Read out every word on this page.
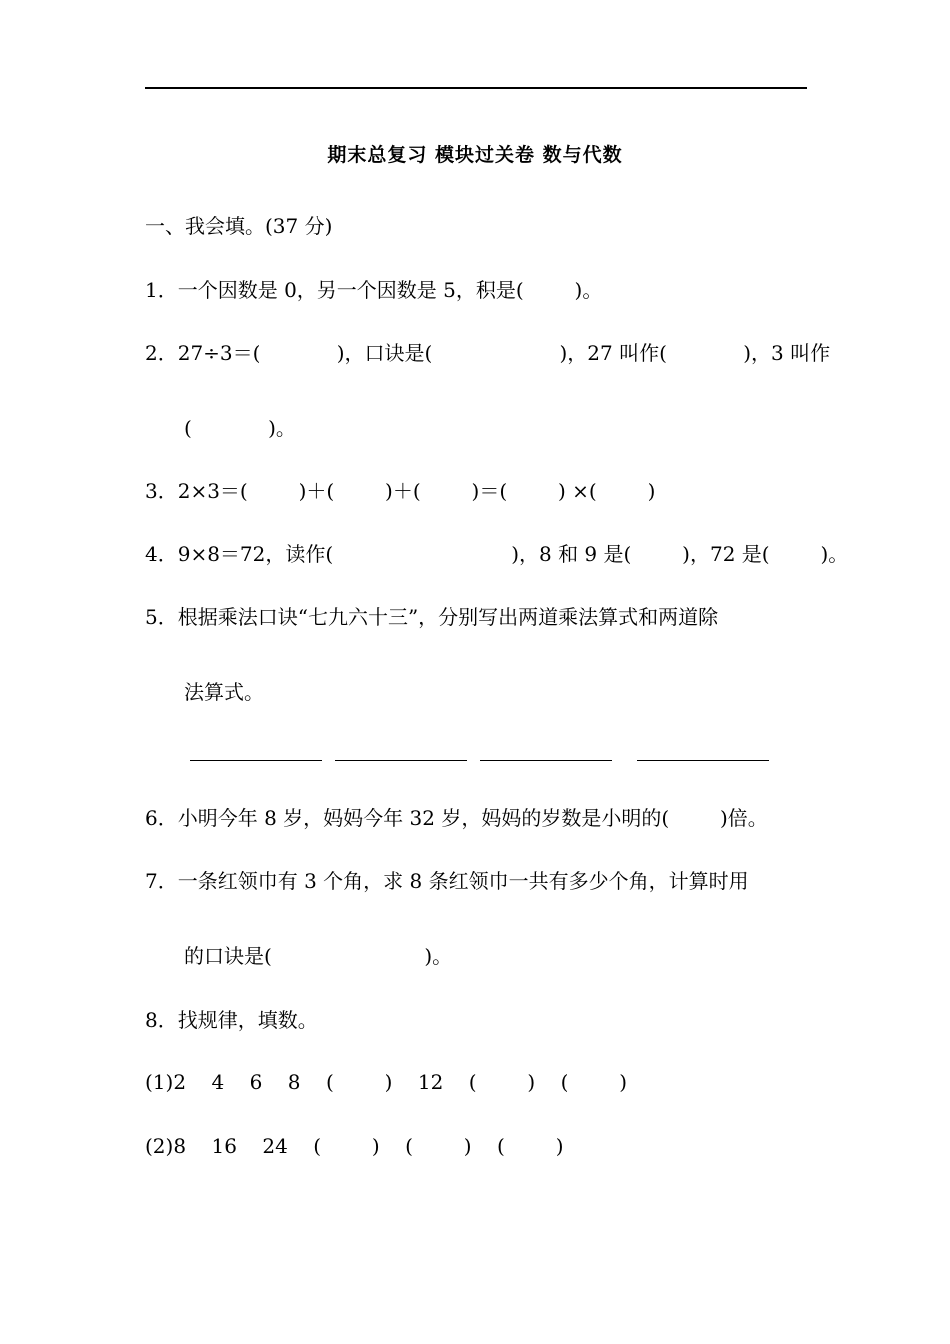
期末总复习 模块过关卷 数与代数
一、我会填。(37 分)
1．一个因数是 0，另一个因数是 5，积是(        )。
2．27÷3＝(            )，口诀是(                    )，27 叫作(            )，3 叫作
(            )。
3．2×3＝(        )＋(        )＋(        )＝(        ) ×(        )
4．9×8＝72，读作(                            )，8 和 9 是(        )，72 是(        )。
5．根据乘法口诀“七九六十三”，分别写出两道乘法算式和两道除
法算式。
6．小明今年 8 岁，妈妈今年 32 岁，妈妈的岁数是小明的(        )倍。
7．一条红领巾有 3 个角，求 8 条红领巾一共有多少个角，计算时用
的口诀是(                        )。
8．找规律，填数。
(1)2    4    6    8    (        )    12    (        )    (        )
(2)8    16    24    (        )    (        )    (        )
